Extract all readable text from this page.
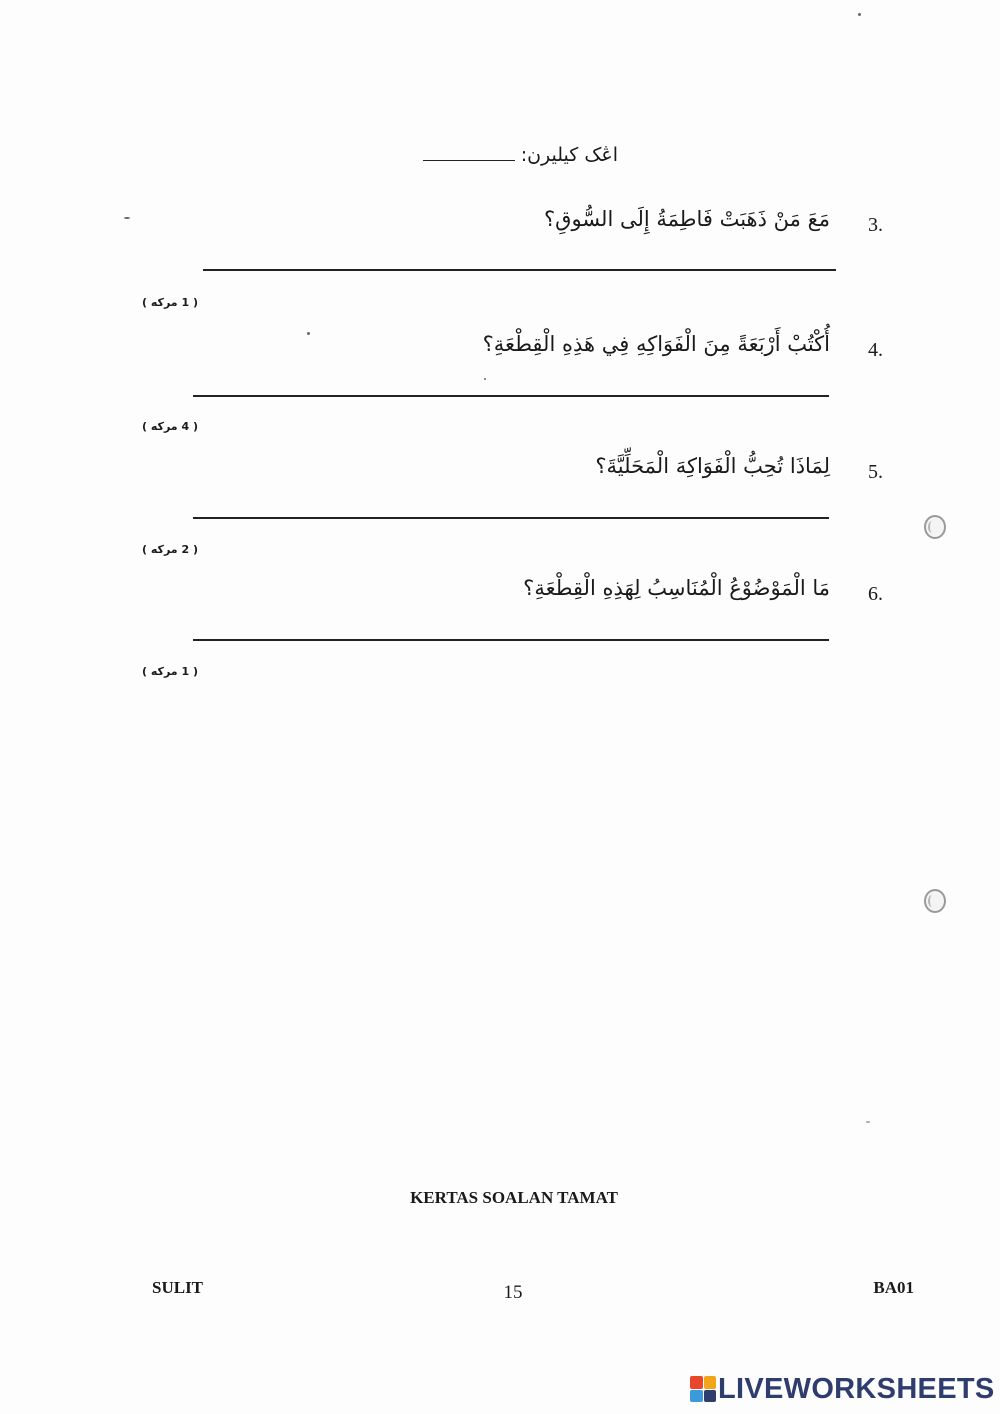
اڠک كيليرن:
3.
مَعَ مَنْ ذَهَبَتْ فَاطِمَةُ إِلَى السُّوقِ؟
( 1 مركه )
4.
أُكْتُبْ أَرْبَعَةً مِنَ الْفَوَاكِهِ فِي هَذِهِ الْقِطْعَةِ؟
( 4 مركه )
5.
لِمَاذَا تُحِبُّ الْفَوَاكِهَ الْمَحَلِّيَّةَ؟
( 2 مركه )
6.
مَا الْمَوْضُوْعُ الْمُنَاسِبُ لِهَذِهِ الْقِطْعَةِ؟
( 1 مركه )
KERTAS SOALAN TAMAT
SULIT	15	BA01
LIVEWORKSHEETS
